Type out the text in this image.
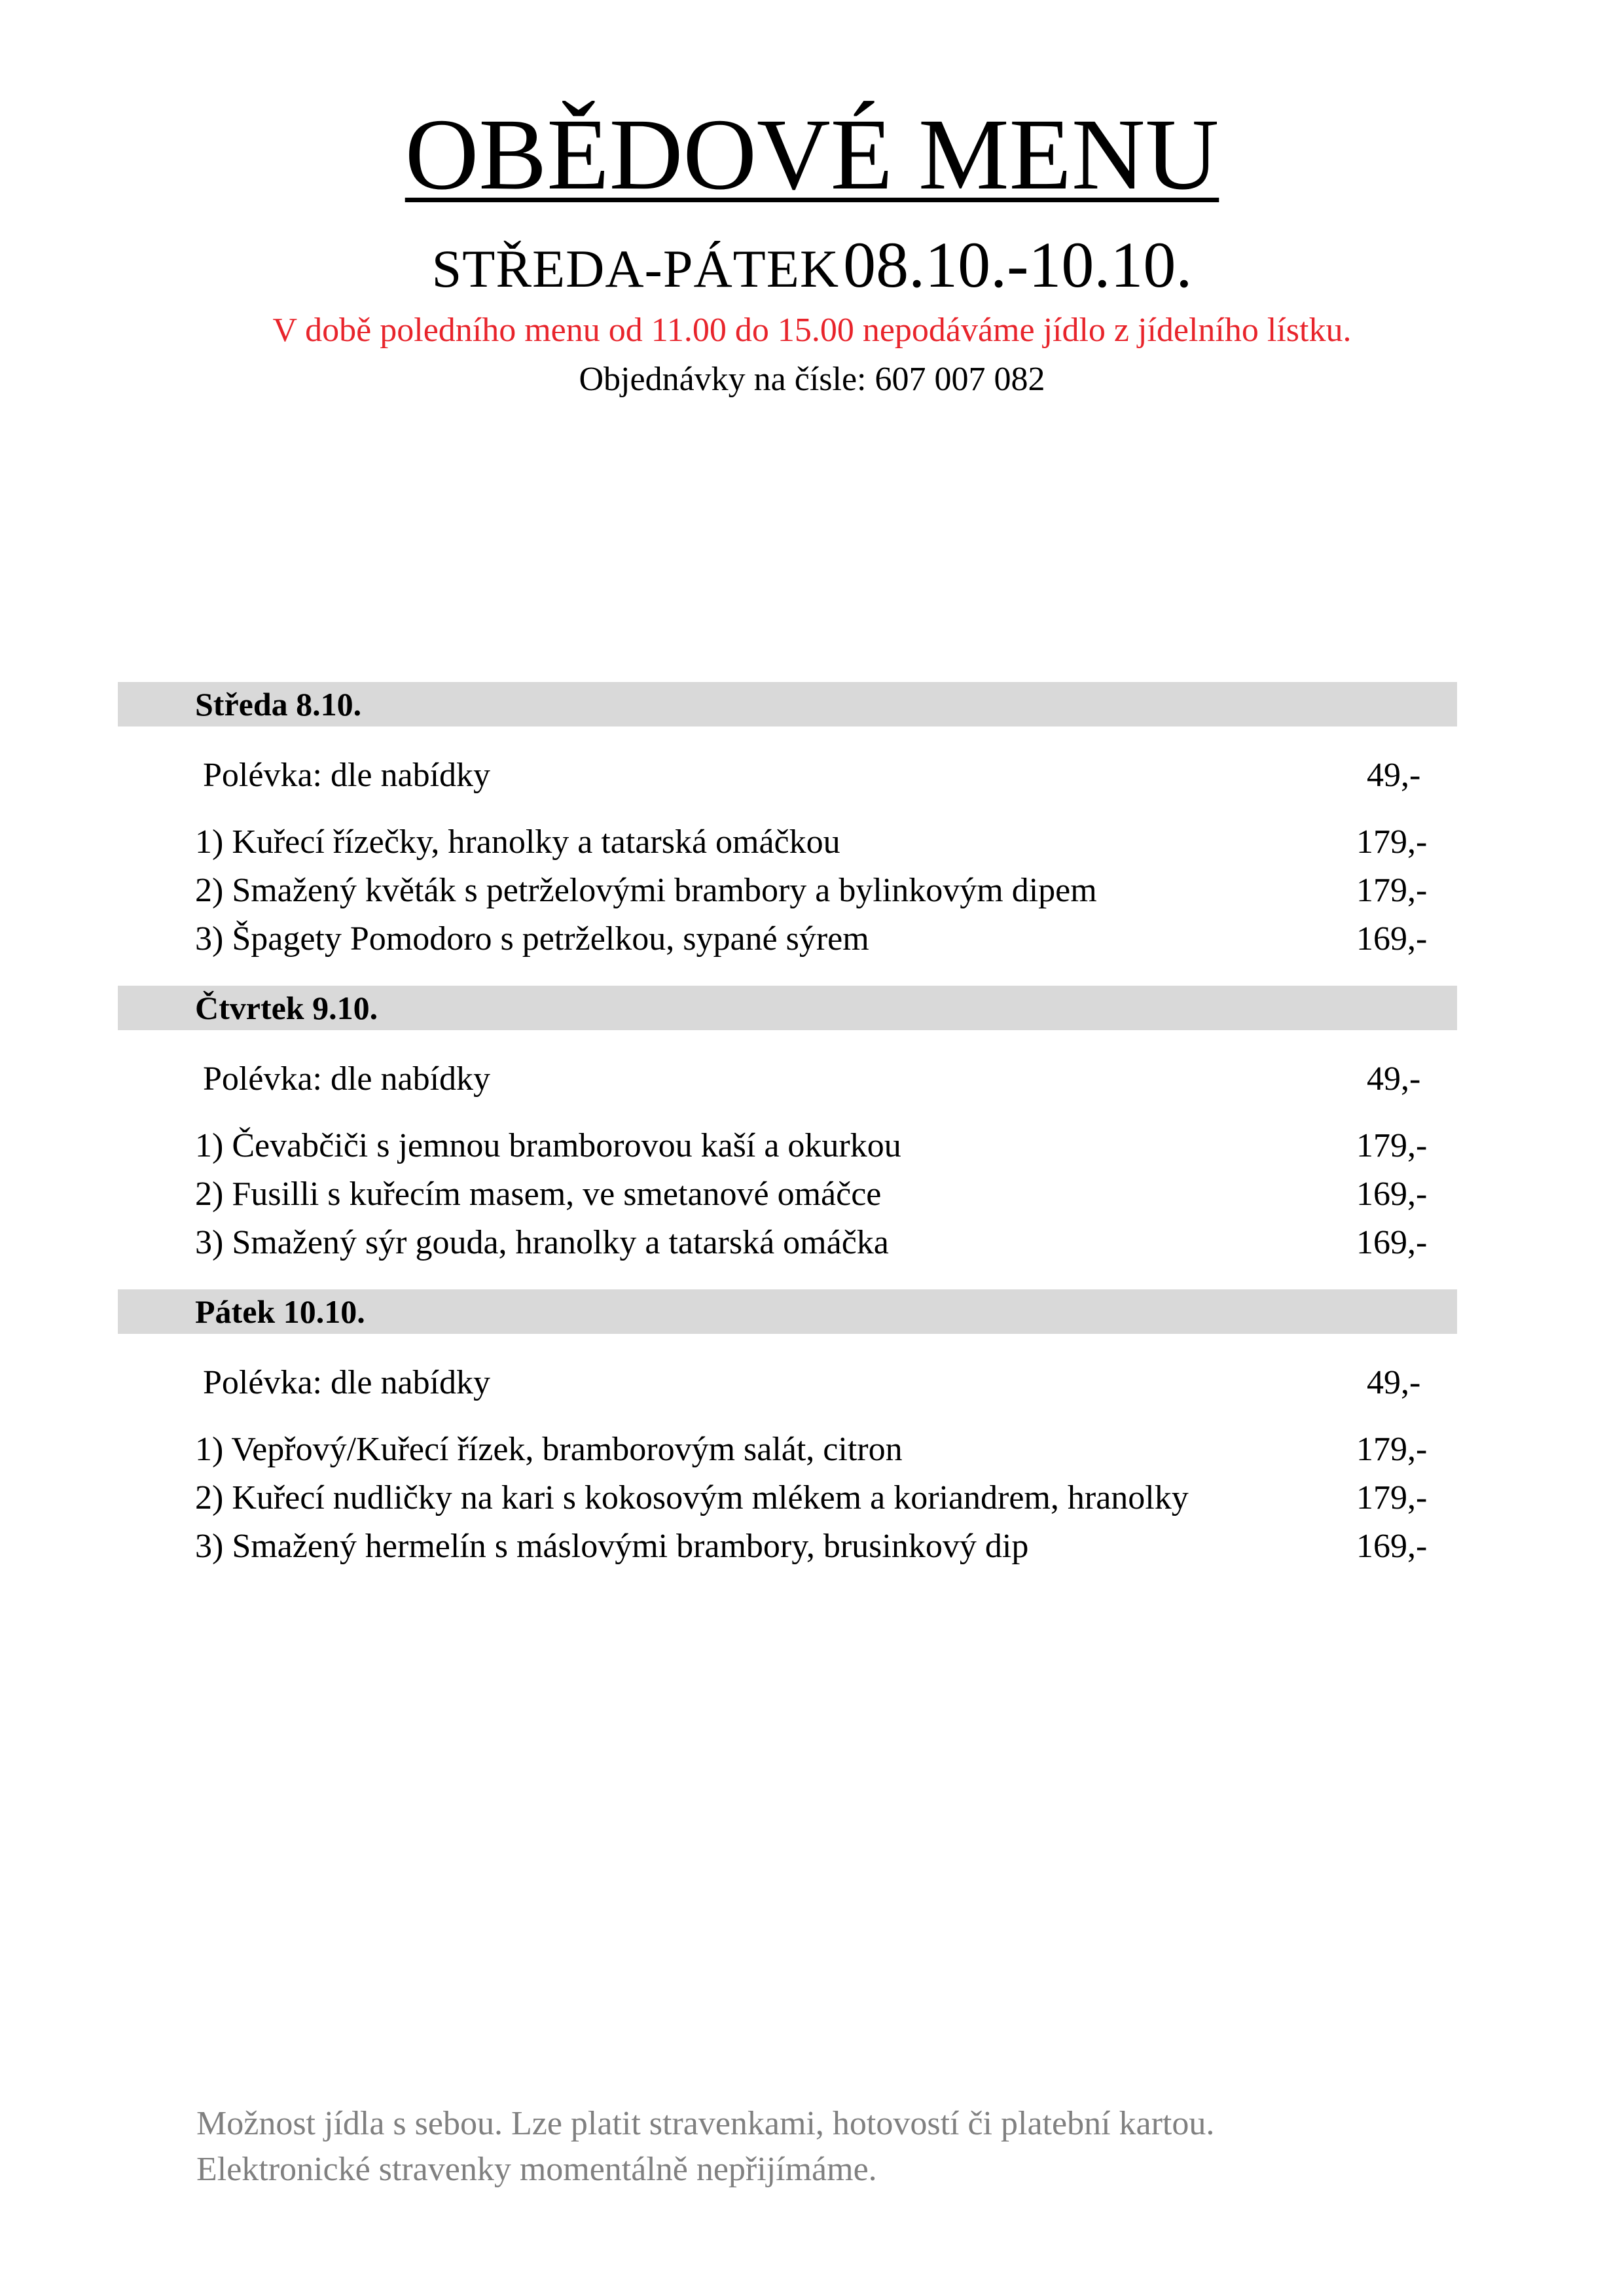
OBĚDOVÉ MENU
STŘEDA-PÁTEK 08.10.-10.10.

V době poledního menu od 11.00 do 15.00 nepodáváme jídlo z jídelního lístku.

Objednávky na čísle: 607 007 082

Středa 8.10.
Polévka: dle nabídky	49,-
1) Kuřecí řízečky, hranolky a tatarská omáčkou	179,-
2) Smažený květák s petrželovými brambory a bylinkovým dipem	179,-
3) Špagety Pomodoro s petrželkou, sypané sýrem	169,-
Čtvrtek 9.10.
Polévka: dle nabídky	49,-
1) Čevabčiči s jemnou bramborovou kaší a okurkou	179,-
2) Fusilli s kuřecím masem, ve smetanové omáčce	169,-
3) Smažený sýr gouda, hranolky a tatarská omáčka	169,-
Pátek 10.10.
Polévka: dle nabídky	49,-
1) Vepřový/Kuřecí řízek, bramborovým salát, citron	179,-
2) Kuřecí nudličky na kari s kokosovým mlékem a koriandrem, hranolky	179,-
3) Smažený hermelín s máslovými brambory, brusinkový dip	169,-

Možnost jídla s sebou. Lze platit stravenkami, hotovostí či platební kartou.

Elektronické stravenky momentálně nepřijímáme.
